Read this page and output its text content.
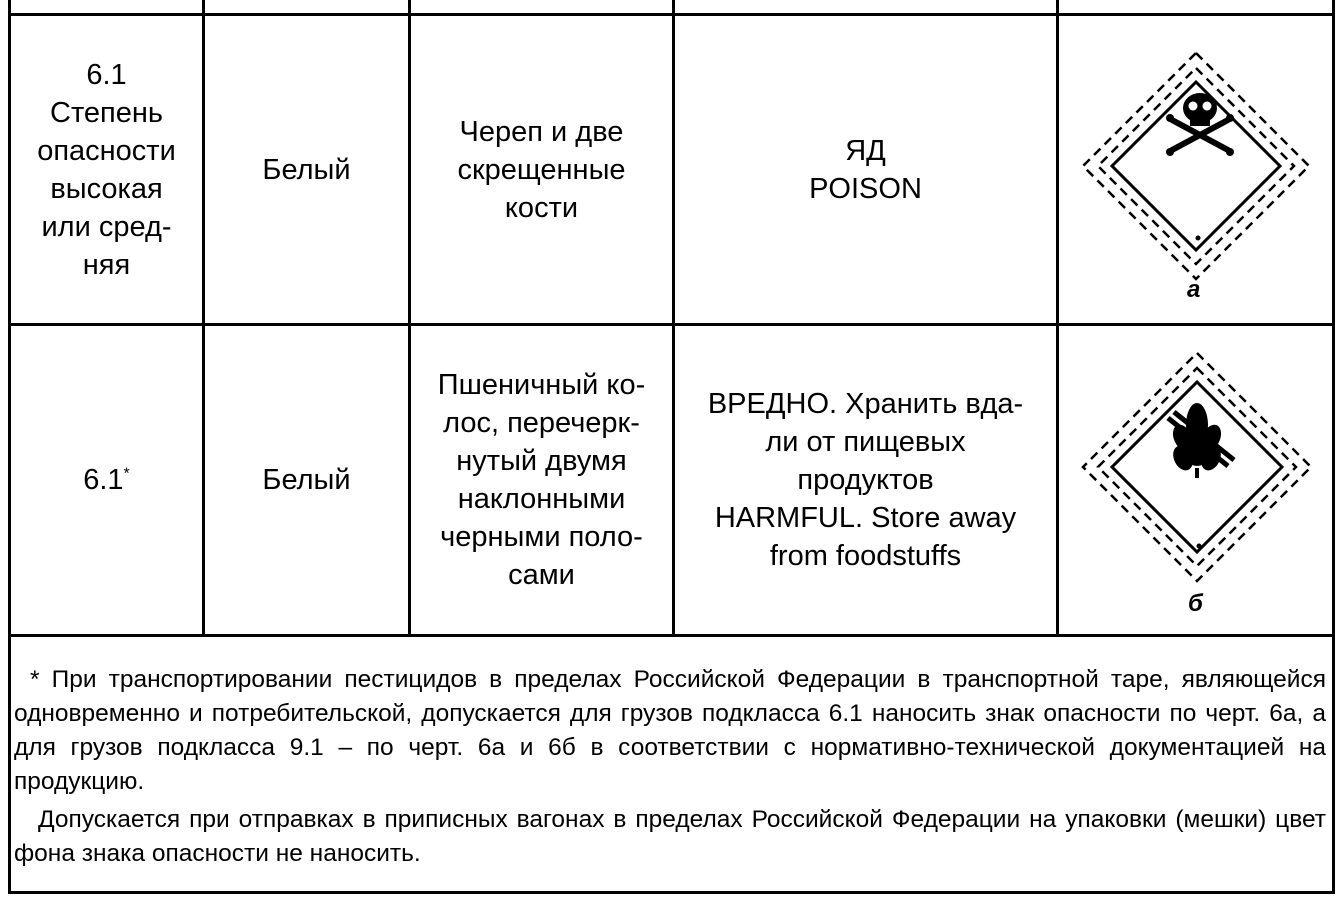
6.1
Степень
опасности
высокая
или сред-
няя
Белый
Череп и две
скрещенные
кости
ЯД
POISON
а
6.1*	Белый
Пшеничный ко-
лос, перечерк-
нутый двумя
наклонными
черными поло-
сами
ВРЕДНО. Хранить вда-
ли от пищевых
продуктов
HARMFUL. Store away
from foodstuffs
б

* При транспортировании пестицидов в пределах Российской Федерации в транспортной таре, являющейся одновременно и потребительской, допускается для грузов подкласса 6.1 наносить знак опасности по черт. 6а, а для грузов подкласса 9.1 – по черт. 6а и 6б в соответствии с нормативно-технической документацией на продукцию.

Допускается при отправках в приписных вагонах в пределах Российской Федерации на упаковки (мешки) цвет фона знака опасности не наносить.
